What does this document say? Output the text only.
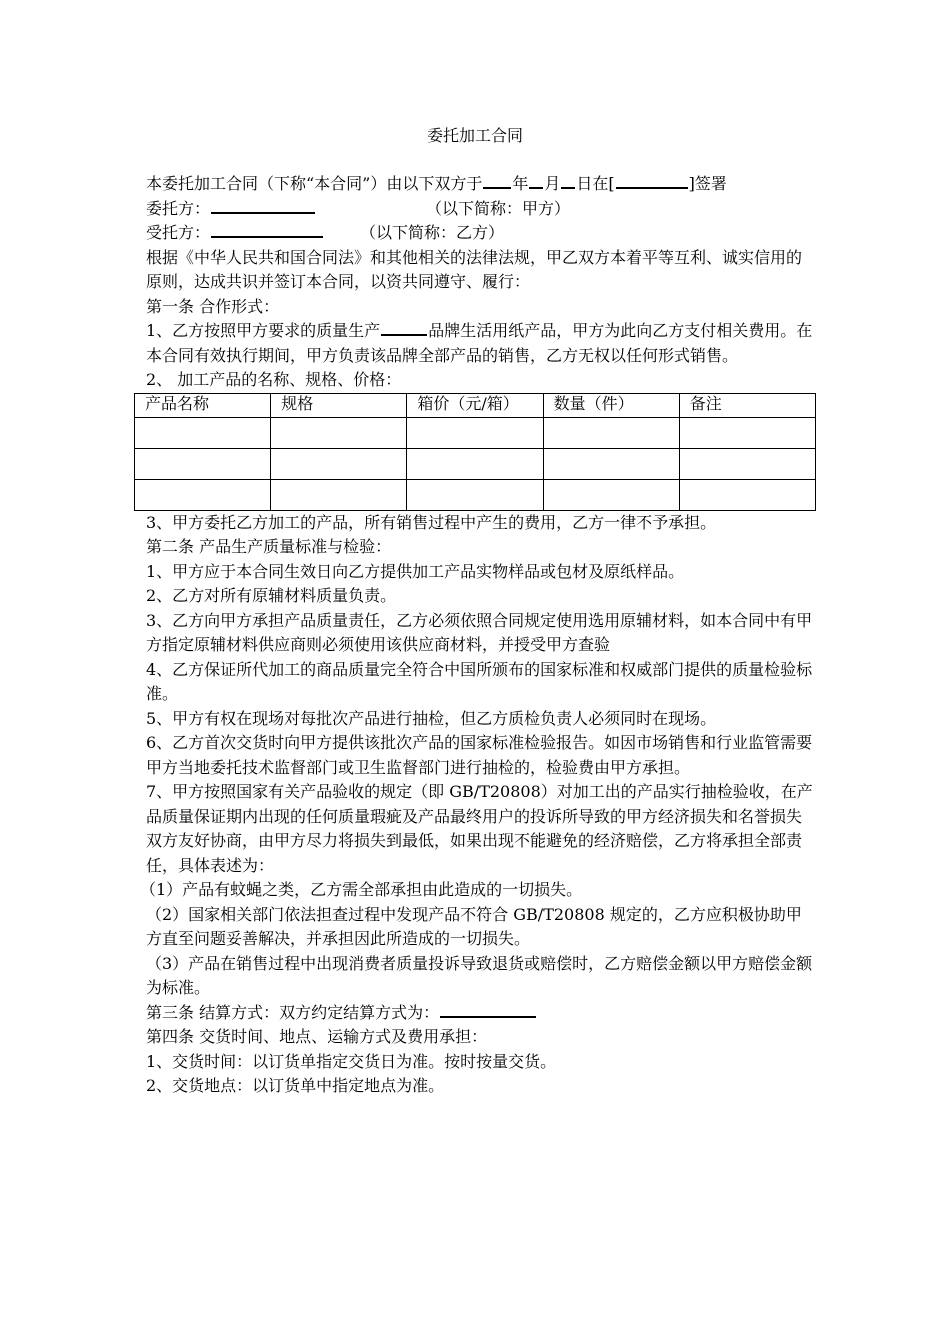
委托加工合同

本委托加工合同（下称“本合同”）由以下双方于 年 月 日在[	]签署

委托方：	（以下简称：甲方）

受托方：	（以下简称：乙方）

根据《中华人民共和国合同法》和其他相关的法律法规，甲乙双方本着平等互利、诚实信用的原则，达成共识并签订本合同，以资共同遵守、履行：

第一条 合作形式：

1、乙方按照甲方要求的质量生产	品牌生活用纸产品，甲方为此向乙方支付相关费用。在本合同有效执行期间，甲方负责该品牌全部产品的销售，乙方无权以任何形式销售。

2、 加工产品的名称、规格、价格：

产品名称	规格	箱价（元/箱）	数量（件）	备注

3、甲方委托乙方加工的产品，所有销售过程中产生的费用，乙方一律不予承担。

第二条 产品生产质量标准与检验：

1、甲方应于本合同生效日向乙方提供加工产品实物样品或包材及原纸样品。

2、乙方对所有原辅材料质量负责。

3、乙方向甲方承担产品质量责任，乙方必须依照合同规定使用选用原辅材料，如本合同中有甲方指定原辅材料供应商则必须使用该供应商材料，并授受甲方查验

4、乙方保证所代加工的商品质量完全符合中国所颁布的国家标准和权威部门提供的质量检验标准。

5、甲方有权在现场对每批次产品进行抽检，但乙方质检负责人必须同时在现场。

6、乙方首次交货时向甲方提供该批次产品的国家标准检验报告。如因市场销售和行业监管需要甲方当地委托技术监督部门或卫生监督部门进行抽检的，检验费由甲方承担。

7、甲方按照国家有关产品验收的规定（即 GB/T20808）对加工出的产品实行抽检验收，在产品质量保证期内出现的任何质量瑕疵及产品最终用户的投诉所导致的甲方经济损失和名誉损失双方友好协商，由甲方尽力将损失到最低，如果出现不能避免的经济赔偿，乙方将承担全部责任，具体表述为：

（1）产品有蚊蝇之类，乙方需全部承担由此造成的一切损失。

（2）国家相关部门依法担查过程中发现产品不符合 GB/T20808 规定的，乙方应积极协助甲方直至问题妥善解决，并承担因此所造成的一切损失。

（3）产品在销售过程中出现消费者质量投诉导致退货或赔偿时，乙方赔偿金额以甲方赔偿金额为标准。

第三条 结算方式：双方约定结算方式为：

第四条 交货时间、地点、运输方式及费用承担：

1、交货时间：以订货单指定交货日为准。按时按量交货。

2、交货地点：以订货单中指定地点为准。
